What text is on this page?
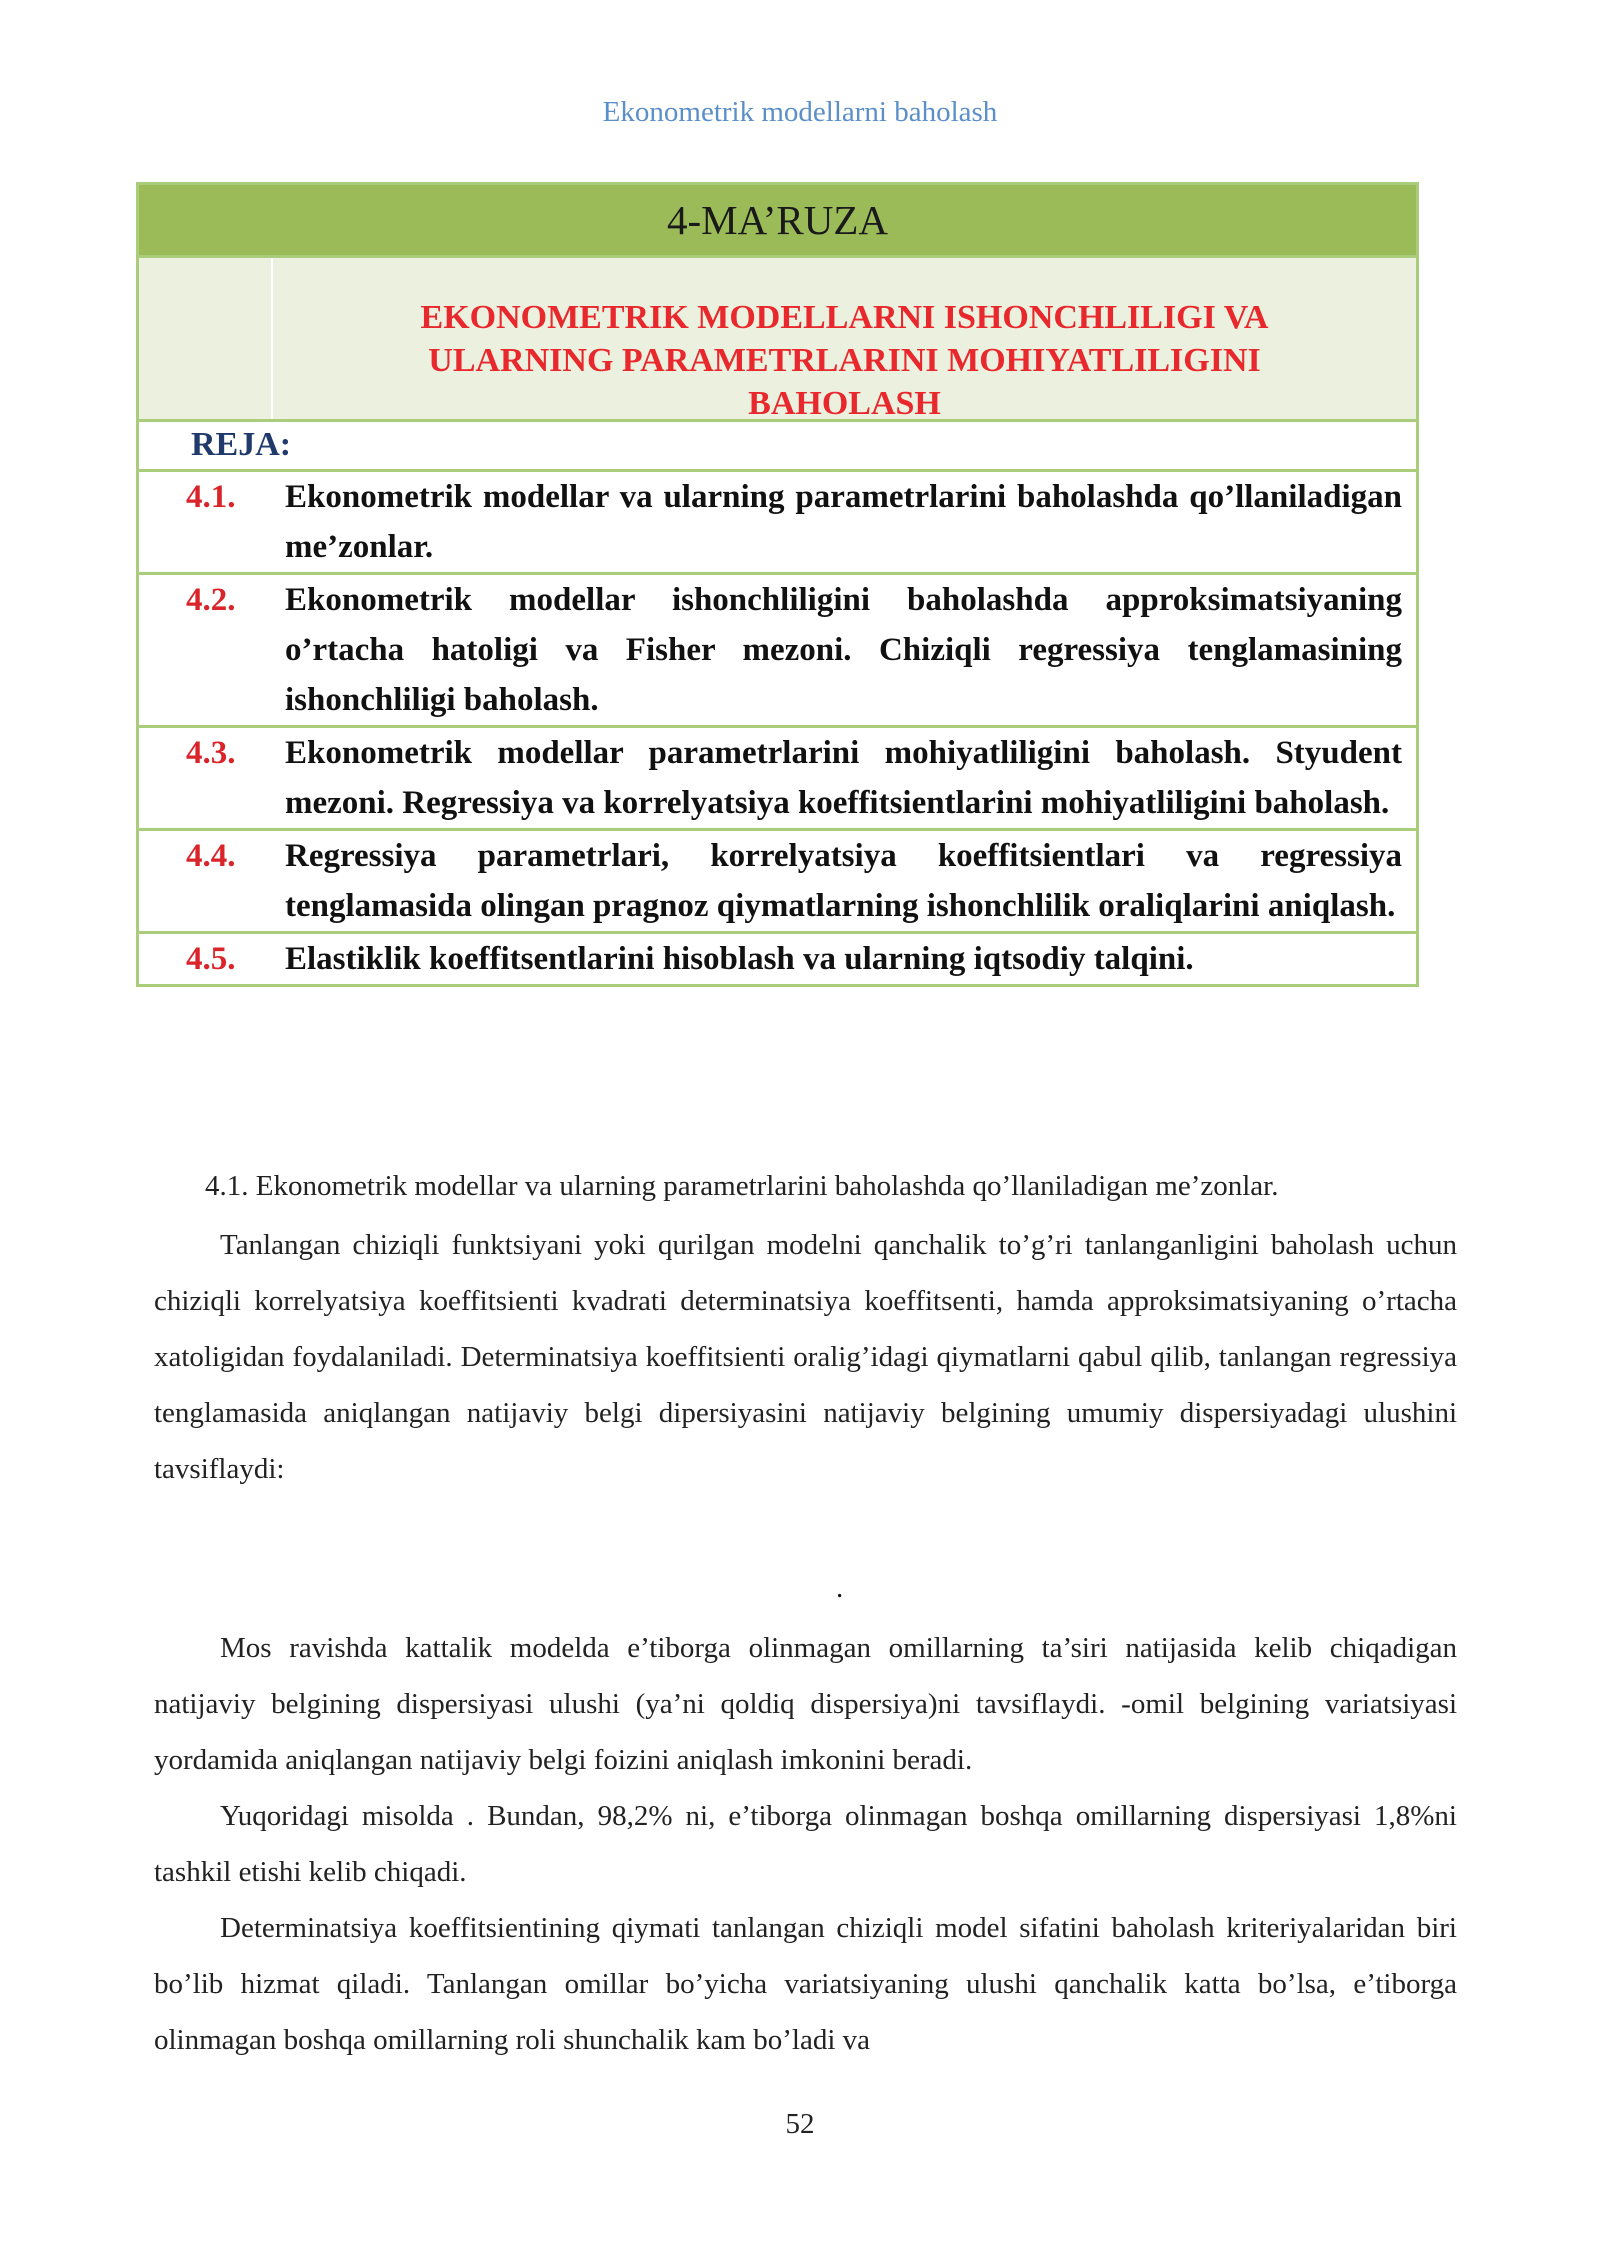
Ekonometrik modellarni baholash
4-MA’RUZA
EKONOMETRIK MODELLARNI ISHONCHLILIGI VA
ULARNING PARAMETRLARINI MOHIYATLILIGINI
BAHOLASH
REJA:
4.1.	Ekonometrik modellar va ularning parametrlarini baholashda qo’llaniladigan me’zonlar.
4.2.	Ekonometrik modellar ishonchliligini baholashda approksimatsiyaning o’rtacha hatoligi va Fisher mezoni. Chiziqli regressiya tenglamasining ishonchliligi baholash.
4.3.	Ekonometrik modellar parametrlarini mohiyatliligini baholash. Styudent mezoni. Regressiya va korrelyatsiya koeffitsientlarini mohiyatliligini baholash.
4.4.	Regressiya parametrlari, korrelyatsiya koeffitsientlari va regressiya tenglamasida olingan pragnoz qiymatlarning ishonchlilik oraliqlarini aniqlash.
4.5.	Elastiklik koeffitsentlarini hisoblash va ularning iqtsodiy talqini.
4.1. Ekonometrik modellar va ularning parametrlarini baholashda qo’llaniladigan me’zonlar.

Tanlangan chiziqli funktsiyani yoki qurilgan modelni qanchalik to’g’ri tanlanganligini baholash uchun chiziqli korrelyatsiya koeffitsienti kvadrati determinatsiya koeffitsenti, hamda approksimatsiyaning o’rtacha xatoligidan foydalaniladi. Determinatsiya koeffitsienti oralig’idagi qiymatlarni qabul qilib, tanlangan regressiya tenglamasida aniqlangan natijaviy belgi dipersiyasini natijaviy belgining umumiy dispersiyadagi ulushini tavsiflaydi:

.

Mos ravishda kattalik modelda e’tiborga olinmagan omillarning ta’siri natijasida kelib chiqadigan natijaviy belgining dispersiyasi ulushi (ya’ni qoldiq dispersiya)ni tavsiflaydi. -omil belgining variatsiyasi yordamida aniqlangan natijaviy belgi foizini aniqlash imkonini beradi.

Yuqoridagi misolda . Bundan, 98,2% ni, e’tiborga olinmagan boshqa omillarning dispersiyasi 1,8%ni tashkil etishi kelib chiqadi.

Determinatsiya koeffitsientining qiymati tanlangan chiziqli model sifatini baholash kriteriyalaridan biri bo’lib hizmat qiladi. Tanlangan omillar bo’yicha variatsiyaning ulushi qanchalik katta bo’lsa, e’tiborga olinmagan boshqa omillarning roli shunchalik kam bo’ladi va

52
